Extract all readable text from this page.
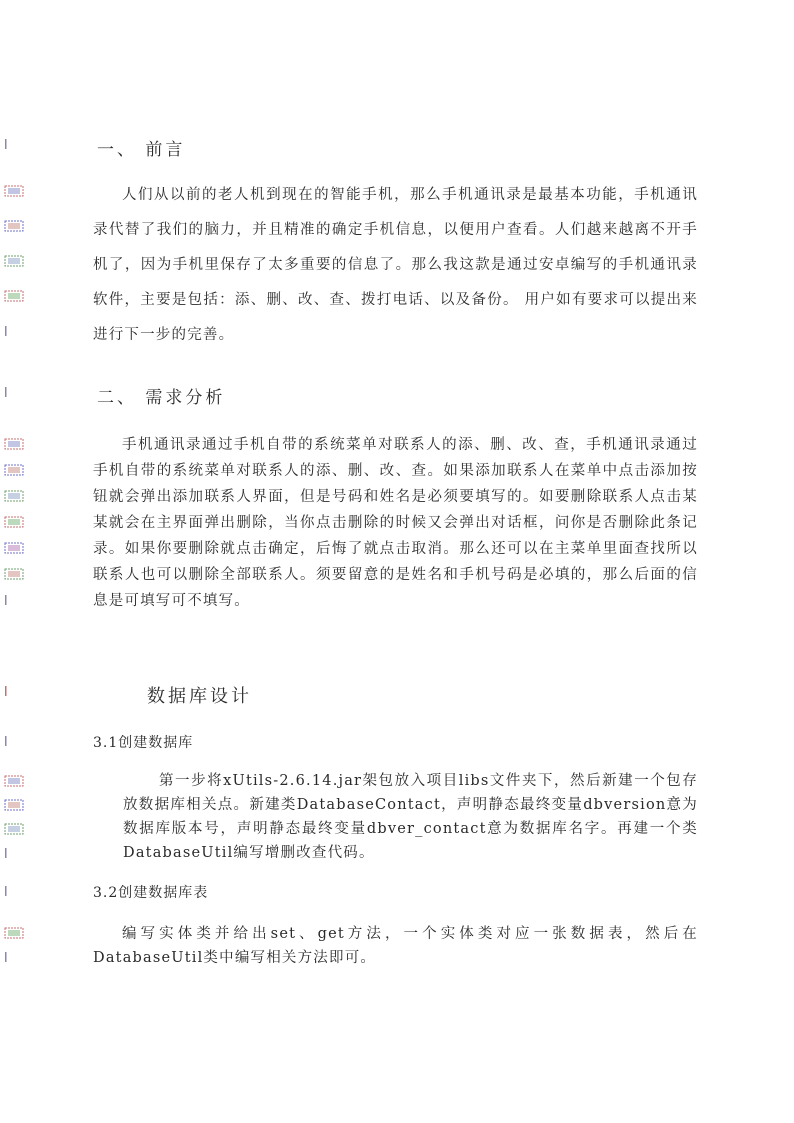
一、 前言

人们从以前的老人机到现在的智能手机，那么手机通讯录是最基本功能，手机通讯录代替了我们的脑力，并且精准的确定手机信息，以便用户查看。人们越来越离不开手机了，因为手机里保存了太多重要的信息了。那么我这款是通过安卓编写的手机通讯录软件，主要是包括：添、删、改、查、拨打电话、以及备份。 用户如有要求可以提出来进行下一步的完善。

二、 需求分析

手机通讯录通过手机自带的系统菜单对联系人的添、删、改、查，手机通讯录通过手机自带的系统菜单对联系人的添、删、改、查。如果添加联系人在菜单中点击添加按钮就会弹出添加联系人界面，但是号码和姓名是必须要填写的。如要删除联系人点击某某就会在主界面弹出删除，当你点击删除的时候又会弹出对话框，问你是否删除此条记录。如果你要删除就点击确定，后悔了就点击取消。那么还可以在主菜单里面查找所以联系人也可以删除全部联系人。须要留意的是姓名和手机号码是必填的，那么后面的信息是可填写可不填写。

数据库设计
3.1创建数据库

第一步将xUtils-2.6.14.jar架包放入项目libs文件夹下，然后新建一个包存放数据库相关点。新建类DatabaseContact，声明静态最终变量dbversion意为数据库版本号，声明静态最终变量dbver_contact意为数据库名字。再建一个类DatabaseUtil编写增删改查代码。

3.2创建数据库表

编写实体类并给出set、get方法，一个实体类对应一张数据表，然后在DatabaseUtil类中编写相关方法即可。
